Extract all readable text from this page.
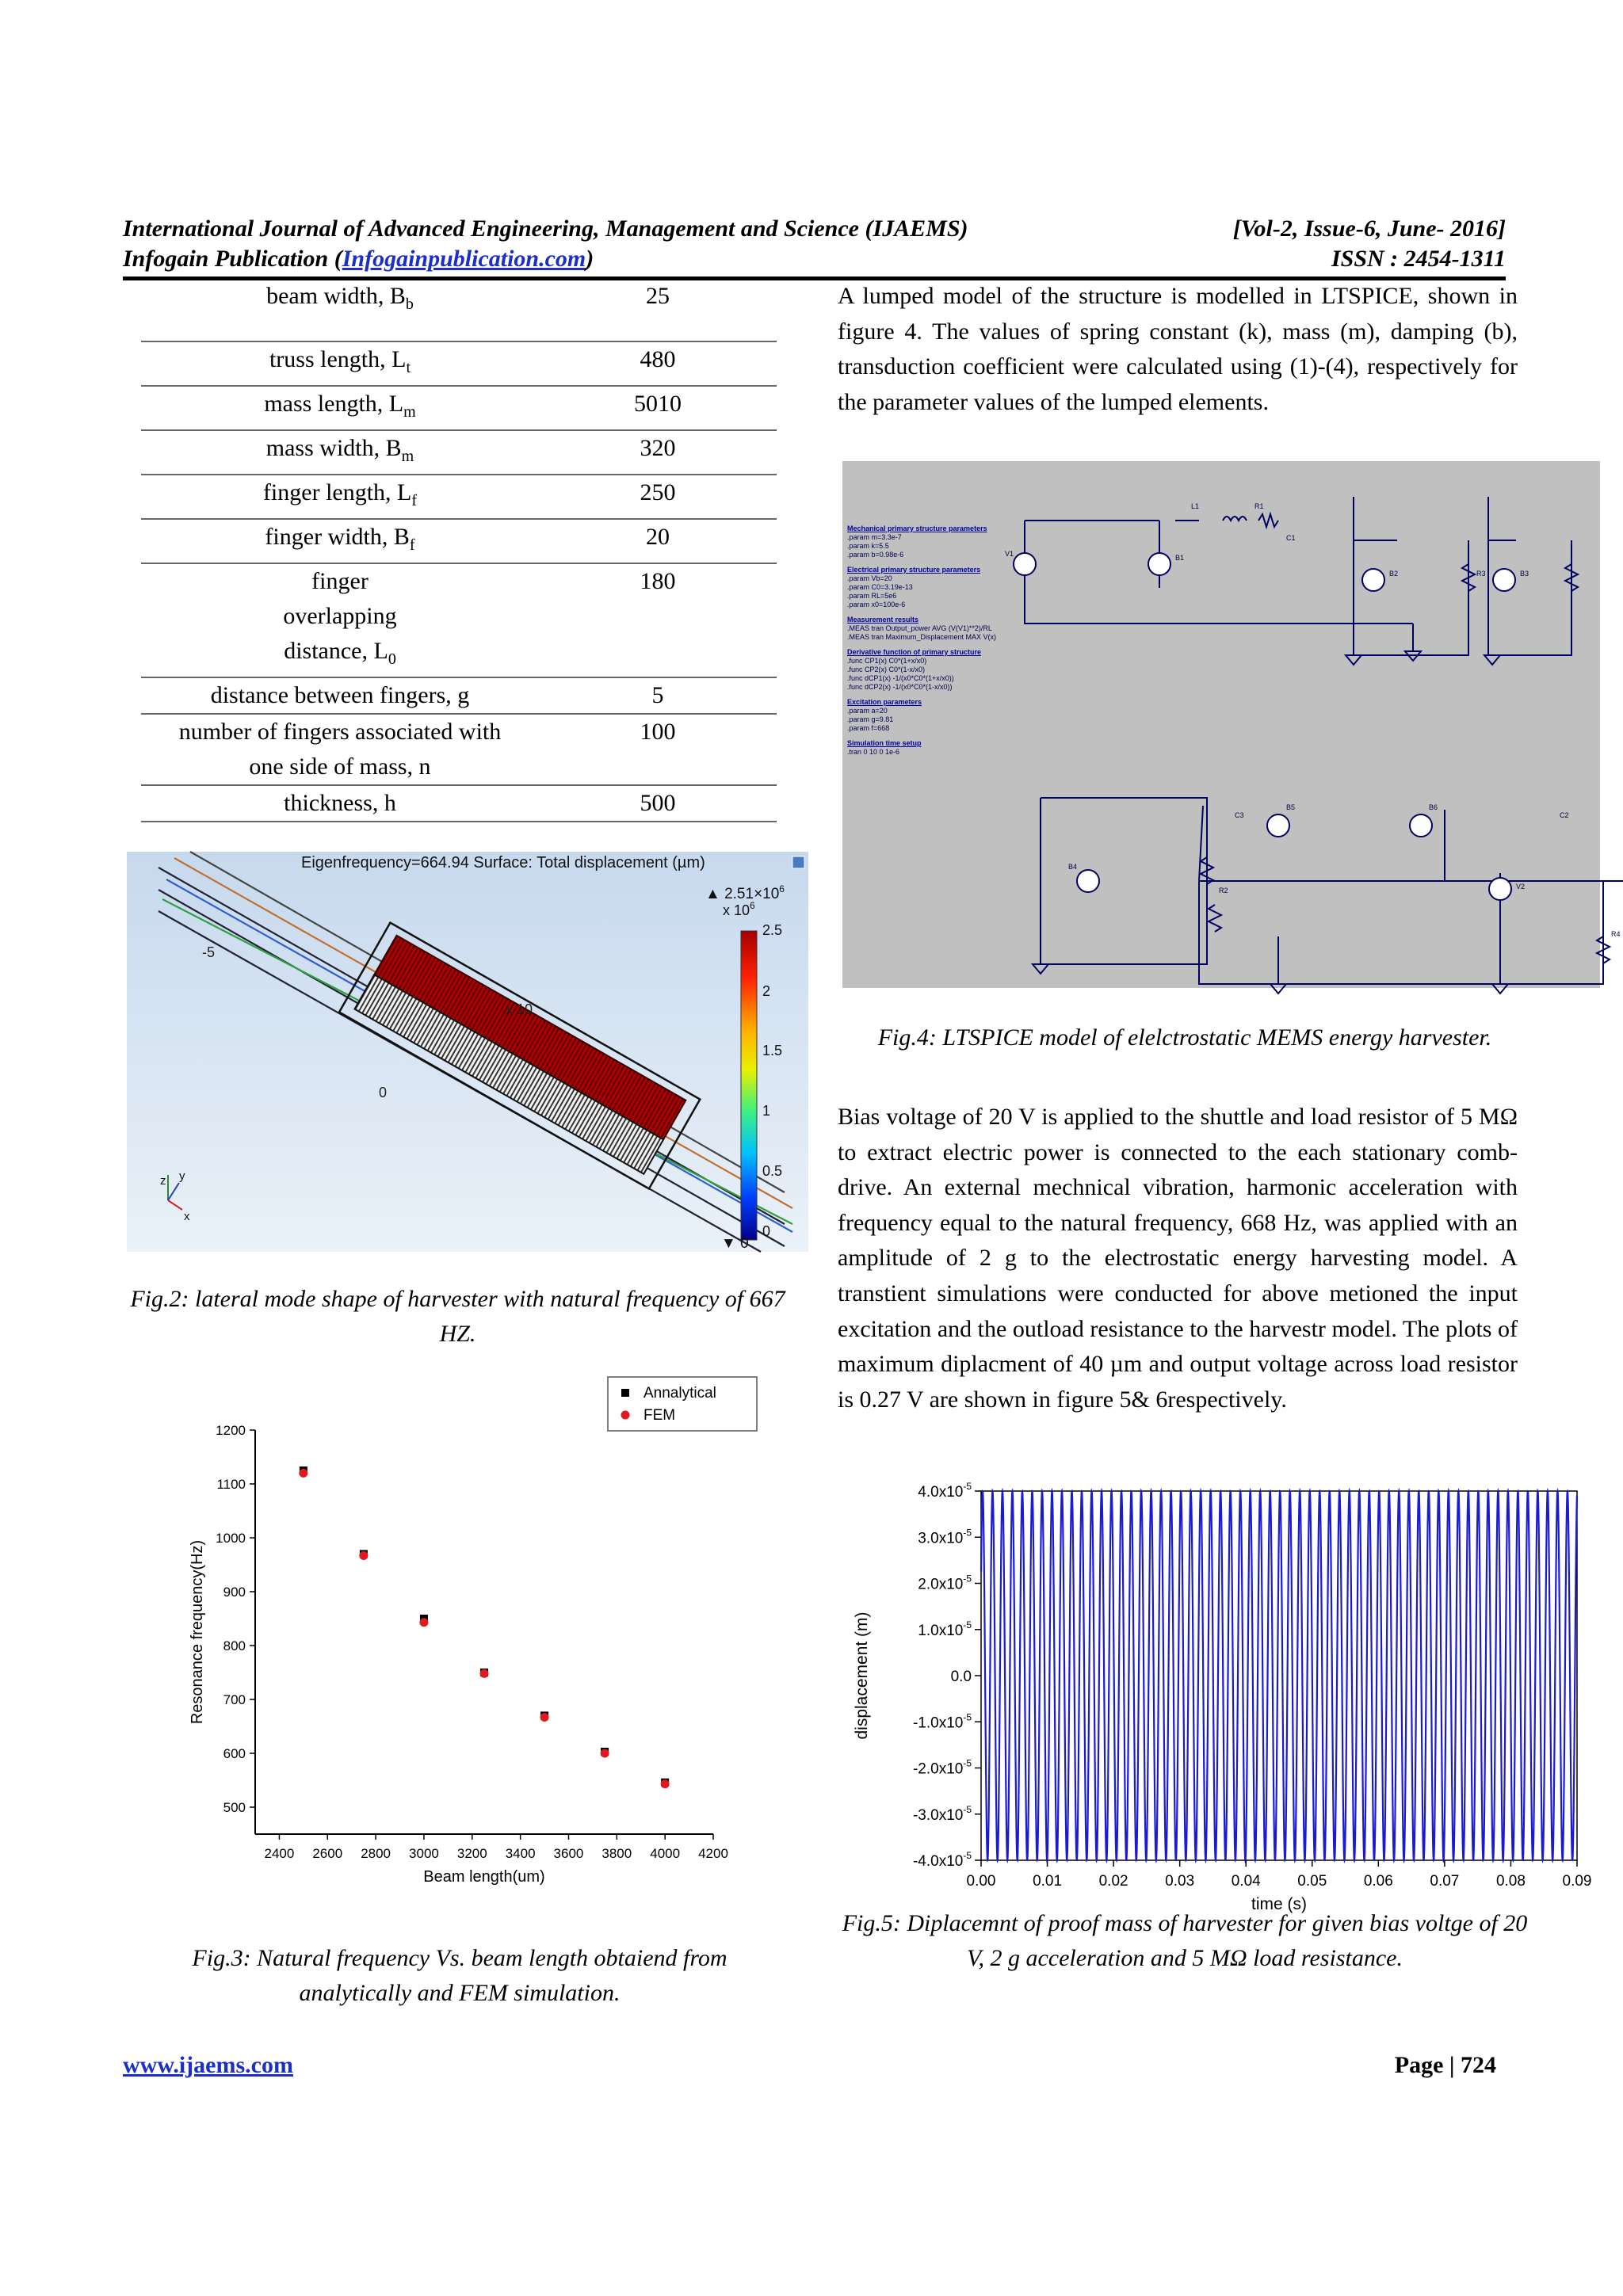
International Journal of Advanced Engineering, Management and Science (IJAEMS)	[Vol-2, Issue-6, June- 2016]
Infogain Publication (Infogainpublication.com)	ISSN : 2454-1311
beam width, $B_b$	25
truss length, $L_t$	480
mass length, $L_m$	5010
mass width, $B_m$	320
finger length, $L_f$	250
finger width, $B_f$	20
finger overlapping distance, $L_0$	180
distance between fingers, g	5
number of fingers associated with one side of mass, n	100
thickness, h	500
Eigenfrequency=664.94 Surface: Total displacement (µm)
-5
x 10
0
▲ $2.51\times 10^6$
x $10^6$
2.5
2
1.5
1
0.5
0
▼ 0
z y
x
Fig.2: lateral mode shape of harvester with natural frequency of 667 HZ.
2400 2600 2800 3000 3200 3400 3600 3800 4000 4200
500
600
700
800
900
1000
1100
1200
Beam length(um)
Resonance frequency(Hz)
Annalytical
FEM
Fig.3: Natural frequency Vs. beam length obtaiend from analytically and FEM simulation.
A lumped model of the structure is modelled in LTSPICE, shown in figure 4. The values of spring constant (k), mass (m), damping (b), transduction coefficient were calculated using (1)-(4), respectively for the parameter values of the lumped elements.
Mechanical primary structure parameters
.param m=3.3e-7
.param k=5.5
.param b=0.98e-6
Electrical primary structure parameters
.param Vb=20
.param C0=3.19e-13
.param RL=5e6
.param x0=100e-6
Measurement results
.MEAS tran Output_power AVG (V(V1)**2)/RL
.MEAS tran Maximum_Displacement MAX V(x)
Derivative function of primary structure
.func CP1(x) C0*(1+x/x0)
.func CP2(x) C0*(1-x/x0)
.func dCP1(x) -1/(x0*C0*(1+x/x0))
.func dCP2(x) -1/(x0*C0*(1-x/x0))
Excitation parameters
.param a=20
.param g=9.81
.param f=668
Simulation time setup
.tran 0 10 0 1e-6
L1	R1
C1
V1	B1
B2	B3
B4
B5	B6
C2
C3
V2
R2
R3
R4
Fig.4: LTSPICE model of elelctrostatic MEMS energy harvester.
Bias voltage of 20 V is applied to the shuttle and load resistor of 5 MΩ to extract electric power is connected to the each stationary comb-drive. An external mechnical vibration, harmonic acceleration with frequency equal to the natural frequency, 668 Hz, was applied with an amplitude of 2 g to the electrostatic energy harvesting model. A transtient simulations were conducted for above metioned the input excitation and the outload resistance to the harvestr model. The plots of maximum diplacment of 40 µm and output voltage across load resistor is 0.27 V are shown in figure 5& 6respectively.
$4.0x10^{-5}$
$3.0x10^{-5}$
$2.0x10^{-5}$
$1.0x10^{-5}$
0.0
$-1.0x10^{-5}$
$-2.0x10^{-5}$
$-3.0x10^{-5}$
$-4.0x10^{-5}$
0.00 0.01 0.02 0.03 0.04 0.05 0.06 0.07 0.08 0.09
time (s)
displacement (m)
Fig.5: Diplacemnt of proof mass of harvester for given bias voltge of 20 V, 2 g acceleration and 5 MΩ load resistance.
www.ijaems.com	Page | 724
